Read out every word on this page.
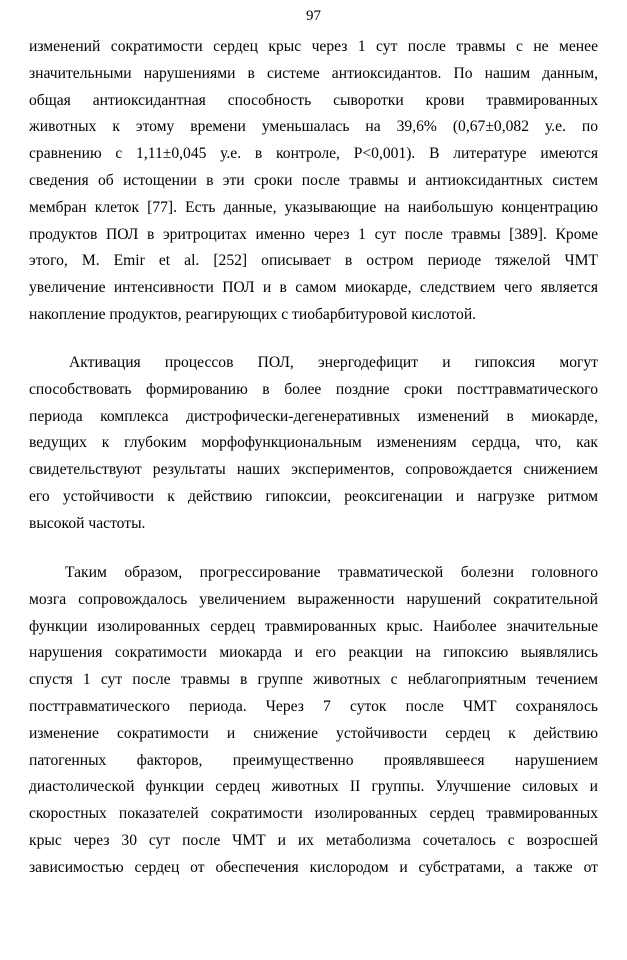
97
изменений сократимости сердец крыс через 1 сут после травмы с не менее
значительными нарушениями в системе антиоксидантов. По нашим данным,
общая антиоксидантная способность сыворотки крови травмированных
животных к этому времени уменьшалась на 39,6% (0,67±0,082 у.е. по
сравнению с 1,11±0,045 у.е. в контроле, P<0,001). В литературе имеются
сведения об истощении в эти сроки после травмы и антиоксидантных систем
мембран клеток [77]. Есть данные, указывающие на наибольшую концентрацию
продуктов ПОЛ в эритроцитах именно через 1 сут после травмы [389]. Кроме
этого, M. Emir et al. [252] описывает в остром периоде тяжелой ЧМТ
увеличение интенсивности ПОЛ и в самом миокарде, следствием чего является
накопление продуктов, реагирующих с тиобарбитуровой кислотой.
Активация процессов ПОЛ, энергодефицит и гипоксия могут
способствовать формированию в более поздние сроки посттравматического
периода комплекса дистрофически-дегенеративных изменений в миокарде,
ведущих к глубоким морфофункциональным изменениям сердца, что, как
свидетельствуют результаты наших экспериментов, сопровождается снижением
его устойчивости к действию гипоксии, реоксигенации и нагрузке ритмом
высокой частоты.
Таким образом, прогрессирование травматической болезни головного
мозга сопровождалось увеличением выраженности нарушений сократительной
функции изолированных сердец травмированных крыс. Наиболее значительные
нарушения сократимости миокарда и его реакции на гипоксию выявлялись
спустя 1 сут после травмы в группе животных с неблагоприятным течением
посттравматического периода. Через 7 суток после ЧМТ сохранялось
изменение сократимости и снижение устойчивости сердец к действию
патогенных факторов, преимущественно проявлявшееся нарушением
диастолической функции сердец животных II группы. Улучшение силовых и
скоростных показателей сократимости изолированных сердец травмированных
крыс через 30 сут после ЧМТ и их метаболизма сочеталось с возросшей
зависимостью сердец от обеспечения кислородом и субстратами, а также от
